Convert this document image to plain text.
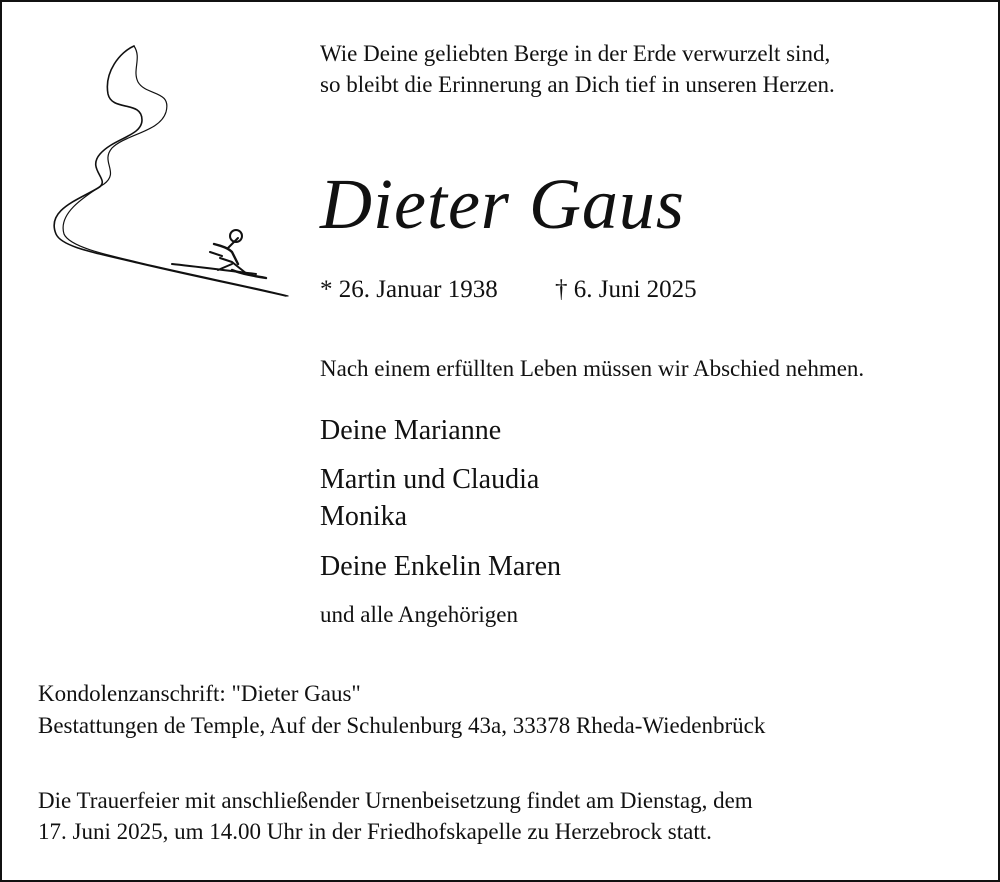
Wie Deine geliebten Berge in der Erde verwurzelt sind,
so bleibt die Erinnerung an Dich tief in unseren Herzen.
Dieter Gaus
* 26. Januar 1938 † 6. Juni 2025
Nach einem erfüllten Leben müssen wir Abschied nehmen.
Deine Marianne
Martin und Claudia
Monika
Deine Enkelin Maren
und alle Angehörigen
Kondolenzanschrift: "Dieter Gaus"
Bestattungen de Temple, Auf der Schulenburg 43a, 33378 Rheda-Wiedenbrück
Die Trauerfeier mit anschließender Urnenbeisetzung findet am Dienstag, dem
17. Juni 2025, um 14.00 Uhr in der Friedhofskapelle zu Herzebrock statt.
